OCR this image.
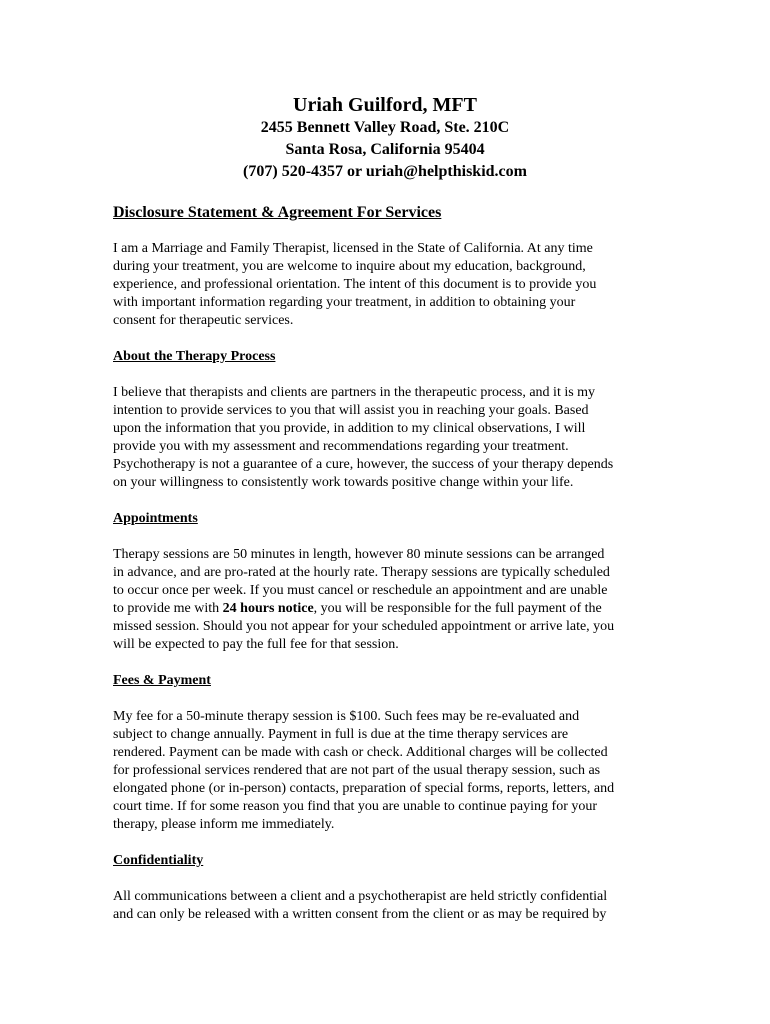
Uriah Guilford, MFT
2455 Bennett Valley Road, Ste. 210C
Santa Rosa, California 95404
(707) 520-4357 or uriah@helpthiskid.com
Disclosure Statement & Agreement For Services
I am a Marriage and Family Therapist, licensed in the State of California. At any time
during your treatment, you are welcome to inquire about my education, background,
experience, and professional orientation. The intent of this document is to provide you
with important information regarding your treatment, in addition to obtaining your
consent for therapeutic services.
About the Therapy Process
I believe that therapists and clients are partners in the therapeutic process, and it is my
intention to provide services to you that will assist you in reaching your goals. Based
upon the information that you provide, in addition to my clinical observations, I will
provide you with my assessment and recommendations regarding your treatment.
Psychotherapy is not a guarantee of a cure, however, the success of your therapy depends
on your willingness to consistently work towards positive change within your life.
Appointments
Therapy sessions are 50 minutes in length, however 80 minute sessions can be arranged
in advance, and are pro-rated at the hourly rate. Therapy sessions are typically scheduled
to occur once per week. If you must cancel or reschedule an appointment and are unable
to provide me with 24 hours notice, you will be responsible for the full payment of the
missed session. Should you not appear for your scheduled appointment or arrive late, you
will be expected to pay the full fee for that session.
Fees & Payment
My fee for a 50-minute therapy session is $100. Such fees may be re-evaluated and
subject to change annually. Payment in full is due at the time therapy services are
rendered. Payment can be made with cash or check. Additional charges will be collected
for professional services rendered that are not part of the usual therapy session, such as
elongated phone (or in-person) contacts, preparation of special forms, reports, letters, and
court time. If for some reason you find that you are unable to continue paying for your
therapy, please inform me immediately.
Confidentiality
All communications between a client and a psychotherapist are held strictly confidential
and can only be released with a written consent from the client or as may be required by
